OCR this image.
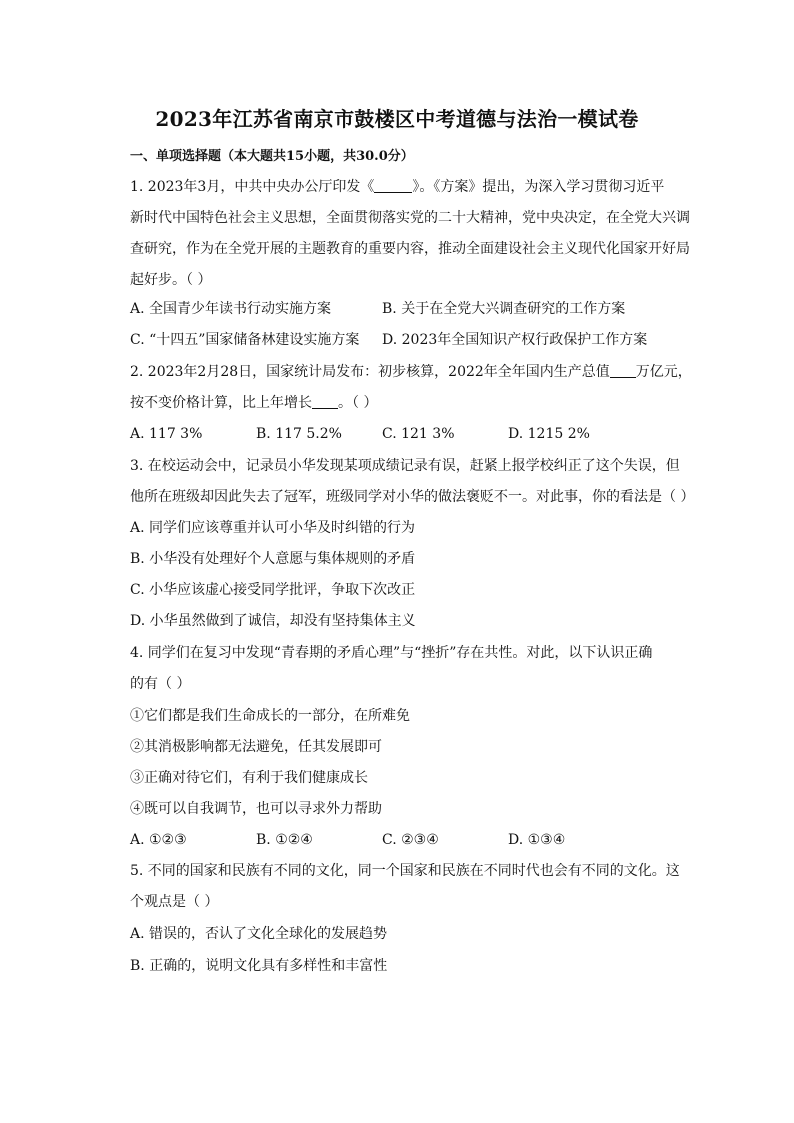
2023年江苏省南京市鼓楼区中考道德与法治一模试卷
一、单项选择题（本大题共15小题，共30.0分）
1. 2023年3月，中共中央办公厅印发《	》。《方案》提出，为深入学习贯彻习近平
新时代中国特色社会主义思想，全面贯彻落实党的二十大精神，党中央决定，在全党大兴调
查研究，作为在全党开展的主题教育的重要内容，推动全面建设社会主义现代化国家开好局
起好步。（ ）
A. 全国青少年读书行动实施方案	B. 关于在全党大兴调查研究的工作方案
C. “十四五”国家储备林建设实施方案 D. 2023年全国知识产权行政保护工作方案
2. 2023年2月28日，国家统计局发布：初步核算，2022年全年国内生产总值 万亿元，
按不变价格计算，比上年增长 。（ ）
A. 117 3%	B. 117 5.2%	C. 121 3%	D. 1215 2%
3. 在校运动会中，记录员小华发现某项成绩记录有误，赶紧上报学校纠正了这个失误，但
他所在班级却因此失去了冠军，班级同学对小华的做法褒贬不一。对此事，你的看法是（ ）
A. 同学们应该尊重并认可小华及时纠错的行为
B. 小华没有处理好个人意愿与集体规则的矛盾
C. 小华应该虚心接受同学批评，争取下次改正
D. 小华虽然做到了诚信，却没有坚持集体主义
4. 同学们在复习中发现“青春期的矛盾心理”与“挫折”存在共性。对此，以下认识正确
的有（ ）
①它们都是我们生命成长的一部分，在所难免
②其消极影响都无法避免，任其发展即可
③正确对待它们，有利于我们健康成长
④既可以自我调节，也可以寻求外力帮助
A. ①②③	B. ①②④	C. ②③④	D. ①③④
5. 不同的国家和民族有不同的文化，同一个国家和民族在不同时代也会有不同的文化。这
个观点是（ ）
A. 错误的，否认了文化全球化的发展趋势
B. 正确的，说明文化具有多样性和丰富性
